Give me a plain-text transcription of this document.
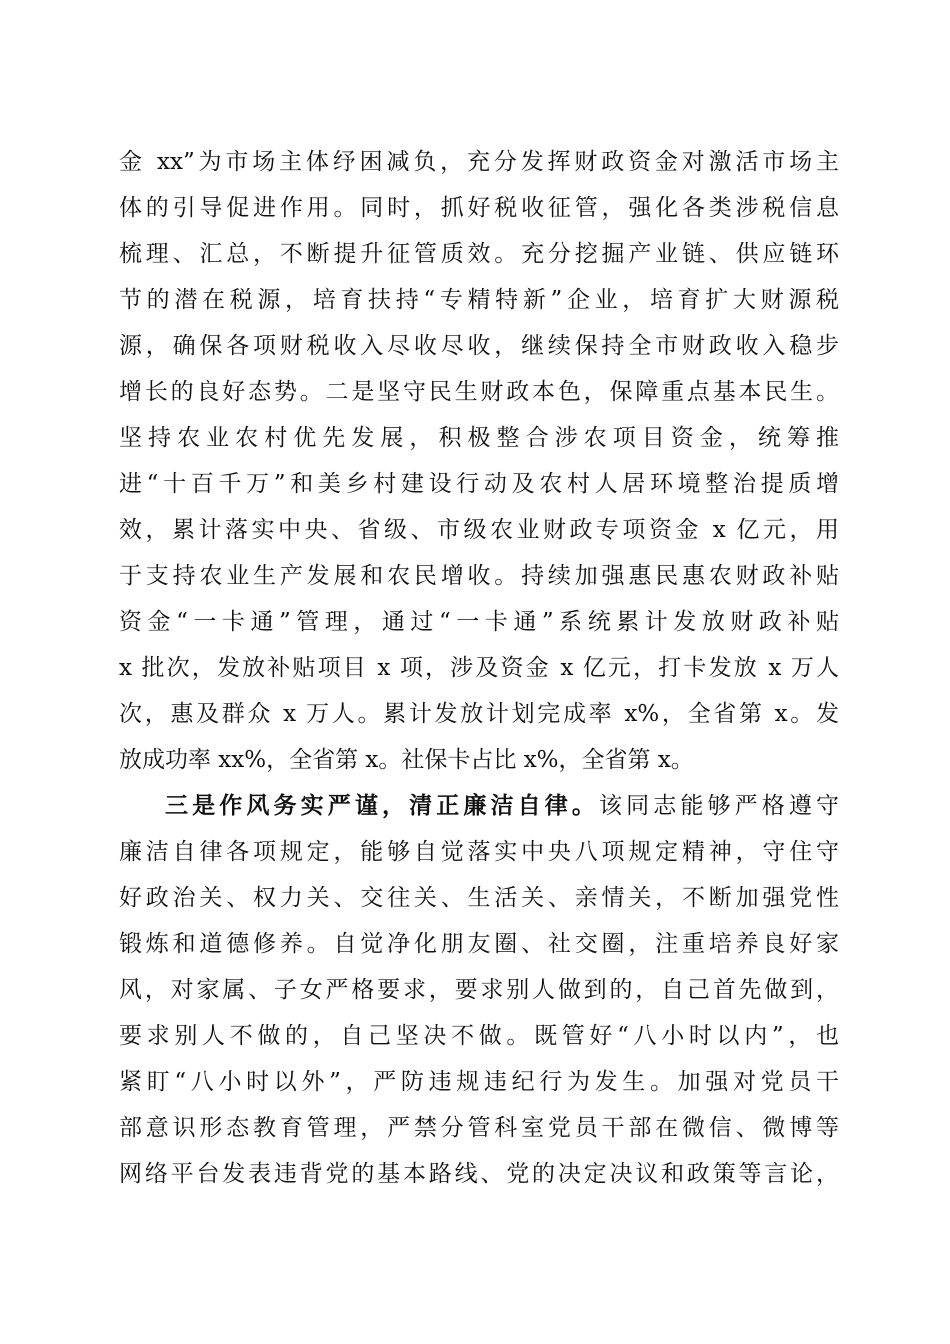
金 xx”为市场主体纾困减负，充分发挥财政资金对激活市场主
体的引导促进作用。同时，抓好税收征管，强化各类涉税信息
梳理、汇总，不断提升征管质效。充分挖掘产业链、供应链环
节的潜在税源，培育扶持“专精特新”企业，培育扩大财源税
源，确保各项财税收入尽收尽收，继续保持全市财政收入稳步
增长的良好态势。二是坚守民生财政本色，保障重点基本民生。
坚持农业农村优先发展，积极整合涉农项目资金，统筹推
进“十百千万”和美乡村建设行动及农村人居环境整治提质增
效，累计落实中央、省级、市级农业财政专项资金 x 亿元，用
于支持农业生产发展和农民增收。持续加强惠民惠农财政补贴
资金“一卡通”管理，通过“一卡通”系统累计发放财政补贴
x 批次，发放补贴项目 x 项，涉及资金 x 亿元，打卡发放 x 万人
次，惠及群众 x 万人。累计发放计划完成率 x%，全省第 x。发
放成功率 xx%，全省第 x。社保卡占比 x%，全省第 x。
三是作风务实严谨，清正廉洁自律。该同志能够严格遵守
廉洁自律各项规定，能够自觉落实中央八项规定精神，守住守
好政治关、权力关、交往关、生活关、亲情关，不断加强党性
锻炼和道德修养。自觉净化朋友圈、社交圈，注重培养良好家
风，对家属、子女严格要求，要求别人做到的，自己首先做到，
要求别人不做的，自己坚决不做。既管好“八小时以内”，也
紧盯“八小时以外”，严防违规违纪行为发生。加强对党员干
部意识形态教育管理，严禁分管科室党员干部在微信、微博等
网络平台发表违背党的基本路线、党的决定决议和政策等言论，
